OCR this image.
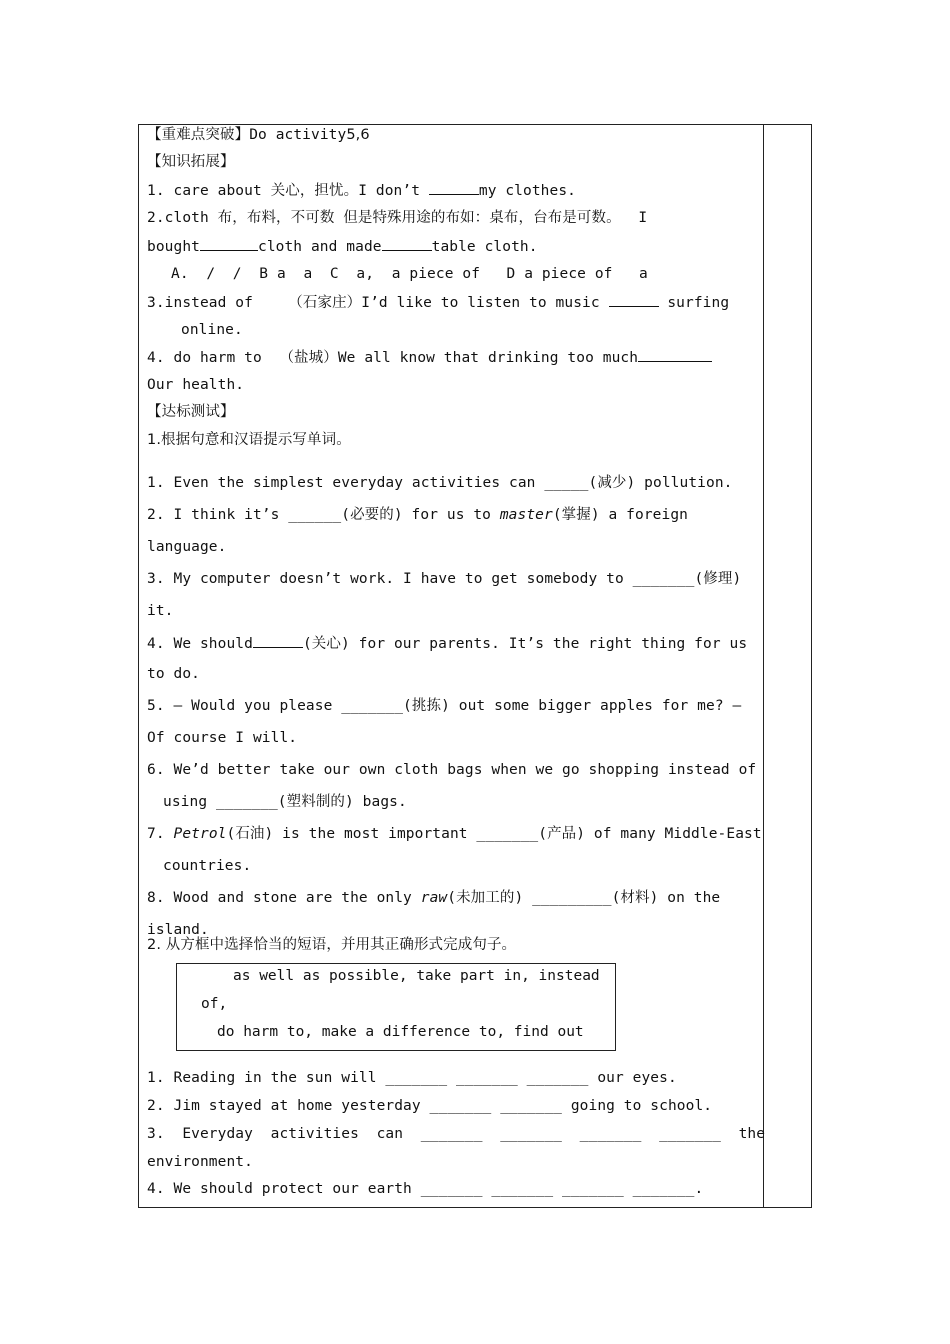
【重难点突破】Do activity5,6
【知识拓展】
1. care about 关心，担忧。I don’t	my clothes.
2.cloth 布，布料，不可数 但是特殊用途的布如：桌布，台布是可数。  I
bought	cloth and made	table cloth.
A.  /  /  B a  a  C  a,  a piece of   D a piece of   a
3.instead of    （石家庄）I’d like to listen to music	surfing
online.
4. do harm to  （盐城）We all know that drinking too much
Our health.
【达标测试】
1.根据句意和汉语提示写单词。
1. Even the simplest everyday activities can _____(减少) pollution.
2. I think it’s ______(必要的) for us to master(掌握) a foreign
language.
3. My computer doesn’t work. I have to get somebody to _______(修理)
it.
4. We should	(关心) for our parents. It’s the right thing for us
to do.
5. — Would you please _______(挑拣) out some bigger apples for me? —
Of course I will.
6. We’d better take our own cloth bags when we go shopping instead of
using _______(塑料制的) bags.
7. Petrol(石油) is the most important _______(产品) of many Middle-East
countries.
8. Wood and stone are the only raw(未加工的) _________(材料) on the
island.
2. 从方框中选择恰当的短语，并用其正确形式完成句子。
as well as possible, take part in, instead
of,
do harm to, make a difference to, find out
1. Reading in the sun will _______ _______ _______ our eyes.
2. Jim stayed at home yesterday _______ _______ going to school.
3.  Everyday  activities  can  _______  _______  _______  _______  the
environment.
4. We should protect our earth _______ _______ _______ _______.
